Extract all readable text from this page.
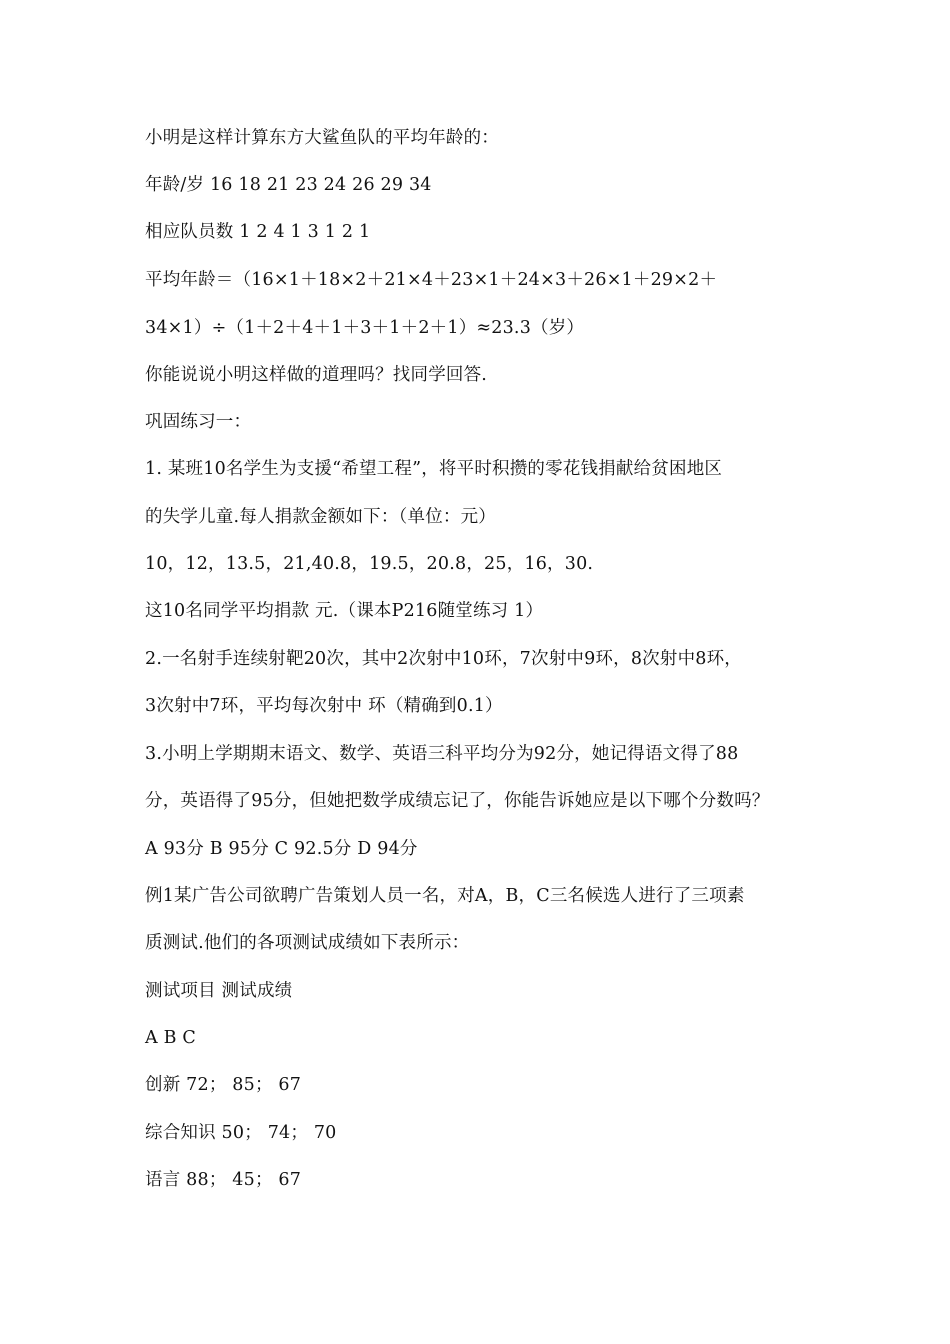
小明是这样计算东方大鲨鱼队的平均年龄的：
年龄/岁 16 18 21 23 24 26 29 34
相应队员数 1 2 4 1 3 1 2 1
平均年龄＝（16×1＋18×2＋21×4＋23×1＋24×3＋26×1＋29×2＋
34×1）÷（1＋2＋4＋1＋3＋1＋2＋1）≈23.3（岁）
你能说说小明这样做的道理吗？找同学回答.
巩固练习一：
1. 某班10名学生为支援“希望工程”，将平时积攒的零花钱捐献给贫困地区
的失学儿童.每人捐款金额如下：（单位：元）
10，12，13.5，21,40.8，19.5，20.8，25，16，30.
这10名同学平均捐款 元.（课本P216随堂练习 1）
2.一名射手连续射靶20次，其中2次射中10环，7次射中9环，8次射中8环，
3次射中7环，平均每次射中 环（精确到0.1）
3.小明上学期期末语文、数学、英语三科平均分为92分，她记得语文得了88
分，英语得了95分，但她把数学成绩忘记了，你能告诉她应是以下哪个分数吗？
A 93分 B 95分 C 92.5分 D 94分
例1某广告公司欲聘广告策划人员一名，对A，B，C三名候选人进行了三项素
质测试.他们的各项测试成绩如下表所示：
测试项目 测试成绩
A B C
创新 72； 85； 67
综合知识 50； 74； 70
语言 88； 45； 67
